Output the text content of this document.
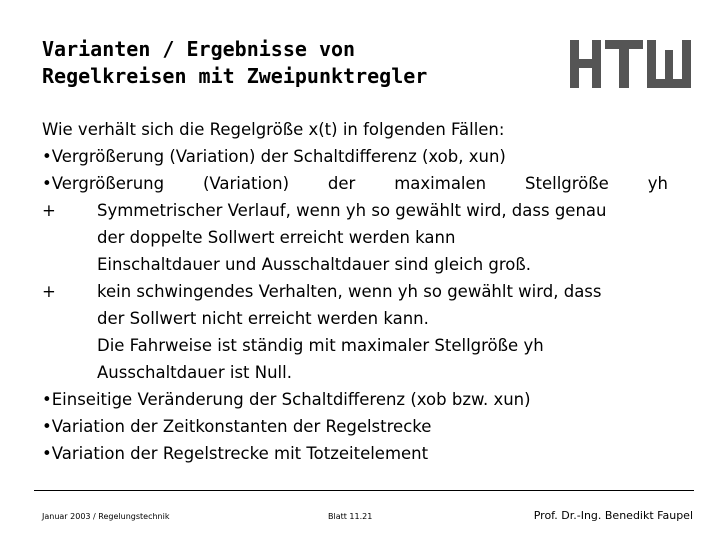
Varianten / Ergebnisse von
Regelkreisen mit Zweipunktregler
Wie verhält sich die Regelgröße x(t) in folgenden Fällen:
•Vergrößerung (Variation) der Schaltdifferenz (xob, xun)
•Vergrößerung (Variation) der maximalen Stellgröße yh
+ Symmetrischer Verlauf, wenn yh so gewählt wird, dass genau
der doppelte Sollwert erreicht werden kann
Einschaltdauer und Ausschaltdauer sind gleich groß.
+ kein schwingendes Verhalten, wenn yh so gewählt wird, dass
der Sollwert nicht erreicht werden kann.
Die Fahrweise ist ständig mit maximaler Stellgröße yh
Ausschaltdauer ist Null.
•Einseitige Veränderung der Schaltdifferenz (xob bzw. xun)
•Variation der Zeitkonstanten der Regelstrecke
•Variation der Regelstrecke mit Totzeitelement
Januar 2003 / Regelungstechnik	Blatt 11.21	Prof. Dr.-Ing. Benedikt Faupel
